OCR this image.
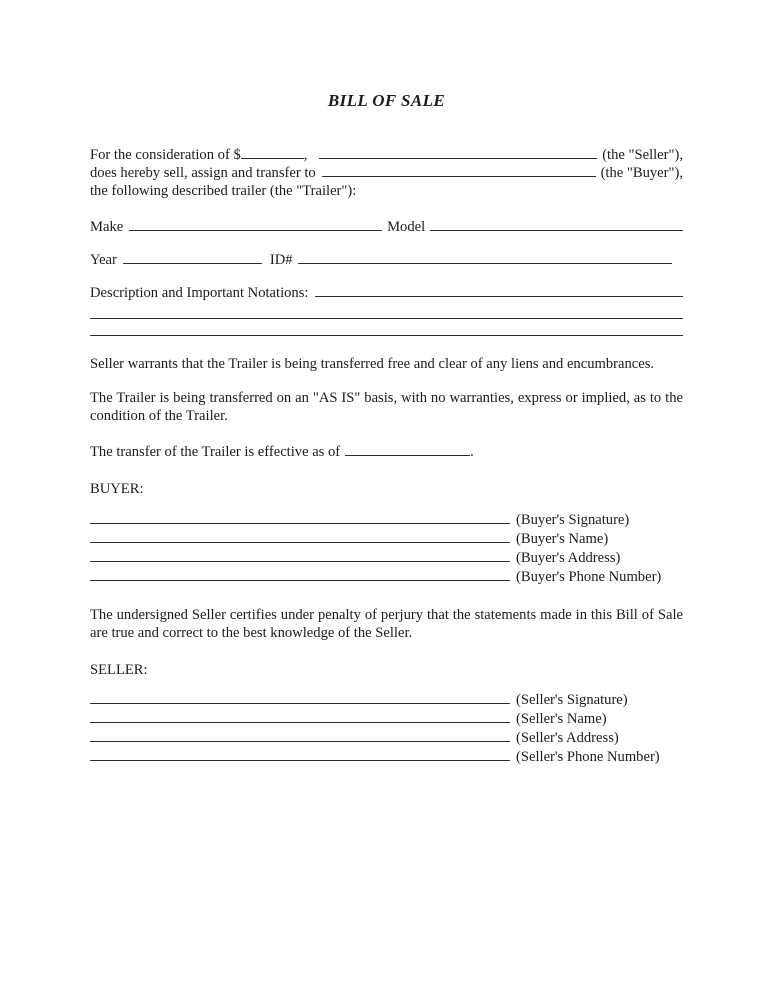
BILL OF SALE
For the consideration of $	,	(the "Seller"),
does hereby sell, assign and transfer to	(the "Buyer"),
the following described trailer (the "Trailer"):
Make	Model
Year	ID#
Description and Important Notations:
Seller warrants that the Trailer is being transferred free and clear of any liens and encumbrances.
The Trailer is being transferred on an "AS IS" basis, with no warranties, express or implied, as to the condition of the Trailer.
The transfer of the Trailer is effective as of	.
BUYER:
(Buyer's Signature)
(Buyer's Name)
(Buyer's Address)
(Buyer's Phone Number)
The undersigned Seller certifies under penalty of perjury that the statements made in this Bill of Sale are true and correct to the best knowledge of the Seller.
SELLER:
(Seller's Signature)
(Seller's Name)
(Seller's Address)
(Seller's Phone Number)
